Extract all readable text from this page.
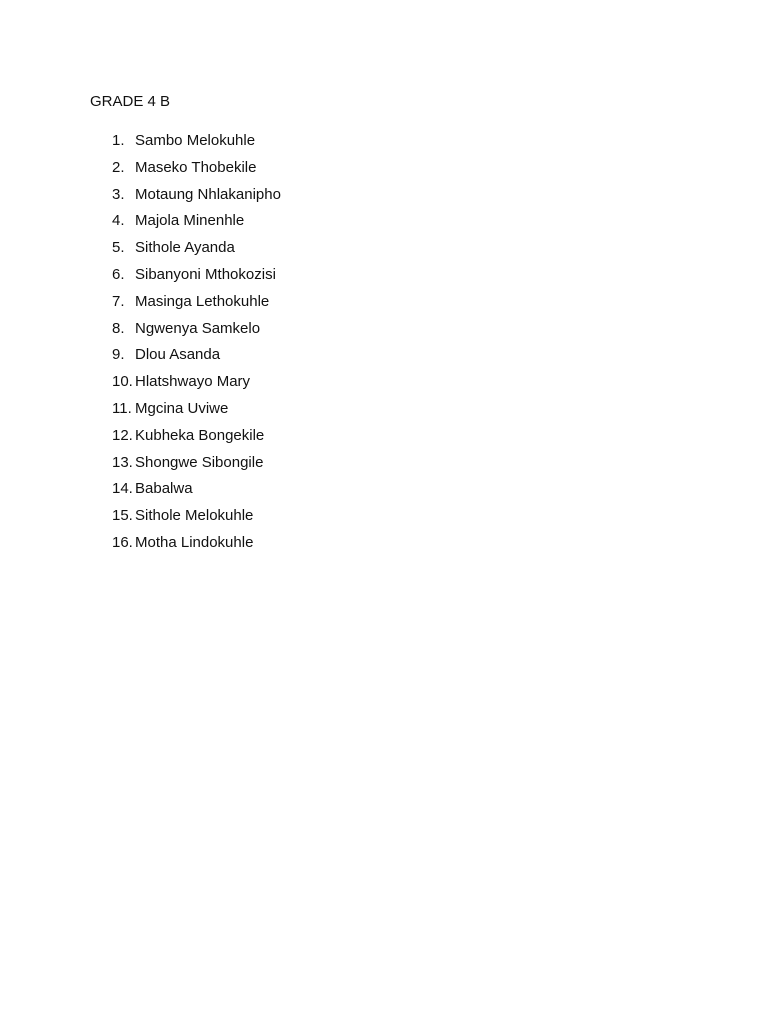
GRADE 4 B
1. Sambo Melokuhle
2. Maseko Thobekile
3. Motaung Nhlakanipho
4. Majola Minenhle
5. Sithole Ayanda
6. Sibanyoni Mthokozisi
7. Masinga Lethokuhle
8. Ngwenya Samkelo
9. Dlou Asanda
10. Hlatshwayo Mary
11. Mgcina Uviwe
12. Kubheka Bongekile
13. Shongwe Sibongile
14. Babalwa
15. Sithole Melokuhle
16. Motha Lindokuhle
